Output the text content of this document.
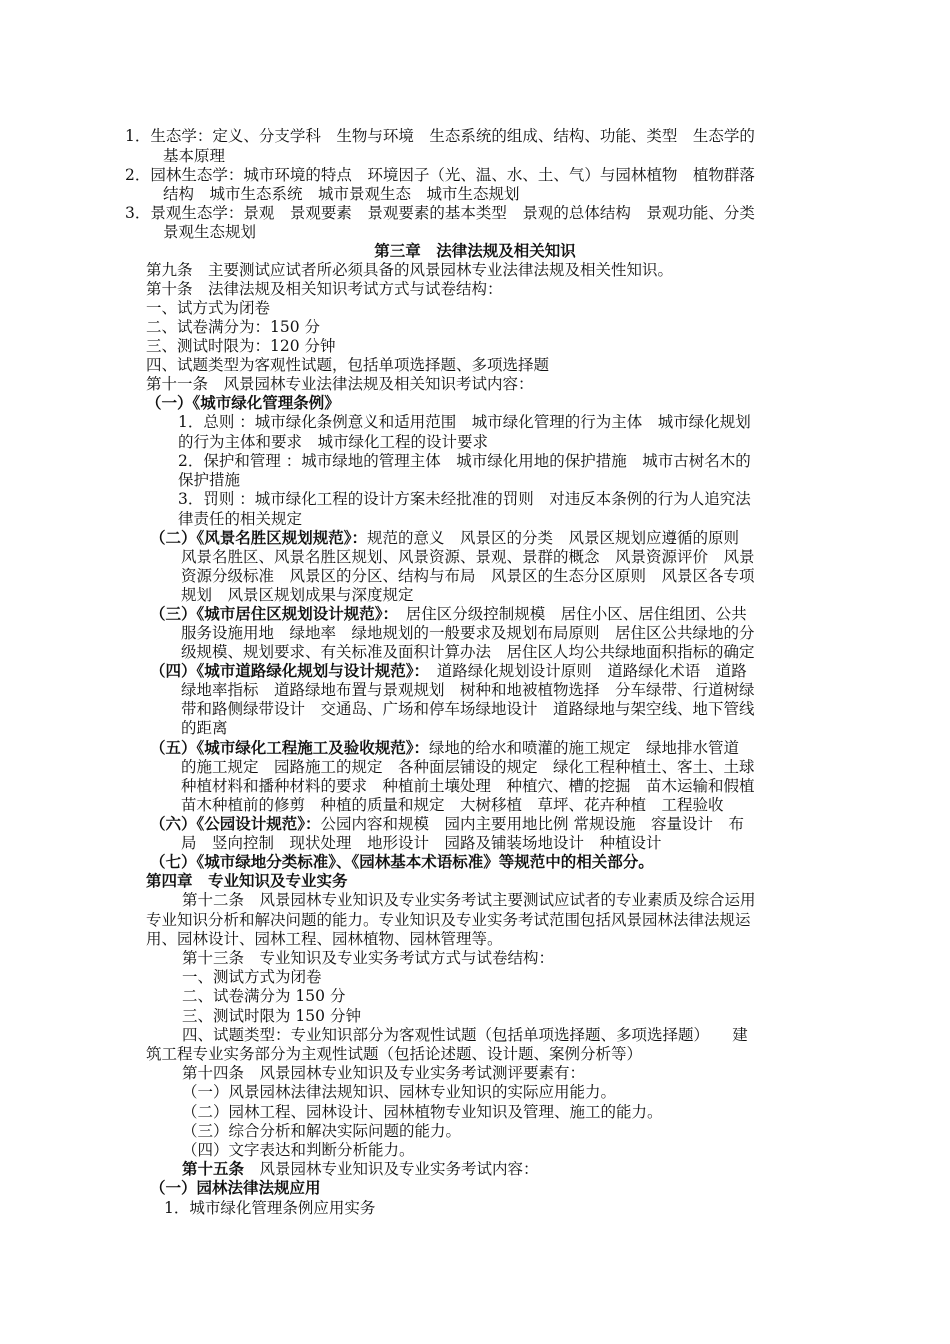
1．生态学：定义、分支学科　生物与环境　生态系统的组成、结构、功能、类型　生态学的
基本原理
2．园林生态学：城市环境的特点　环境因子（光、温、水、土、气）与园林植物　植物群落
结构　城市生态系统　城市景观生态　城市生态规划
3．景观生态学：景观　景观要素　景观要素的基本类型　景观的总体结构　景观功能、分类
景观生态规划
第三章　法律法规及相关知识
第九条　主要测试应试者所必须具备的风景园林专业法律法规及相关性知识。
第十条　法律法规及相关知识考试方式与试卷结构：
一、试方式为闭卷
二、试卷满分为：150 分
三、测试时限为：120 分钟
四、试题类型为客观性试题，包括单项选择题、多项选择题
第十一条　风景园林专业法律法规及相关知识考试内容：
（一）《城市绿化管理条例》
1．总则 ：城市绿化条例意义和适用范围　城市绿化管理的行为主体　城市绿化规划
的行为主体和要求　城市绿化工程的设计要求
2．保护和管理 ：城市绿地的管理主体　城市绿化用地的保护措施　城市古树名木的
保护措施
3．罚则 ：城市绿化工程的设计方案未经批准的罚则　对违反本条例的行为人追究法
律责任的相关规定
（二）《风景名胜区规划规范》：规范的意义　风景区的分类　风景区规划应遵循的原则
风景名胜区、风景名胜区规划、风景资源、景观、景群的概念　风景资源评价　风景
资源分级标准　风景区的分区、结构与布局　风景区的生态分区原则　风景区各专项
规划　风景区规划成果与深度规定
（三）《城市居住区规划设计规范》：　居住区分级控制规模　居住小区、居住组团、公共
服务设施用地　绿地率　绿地规划的一般要求及规划布局原则　居住区公共绿地的分
级规模、规划要求、有关标准及面积计算办法　居住区人均公共绿地面积指标的确定
（四）《城市道路绿化规划与设计规范》：　道路绿化规划设计原则　道路绿化术语　道路
绿地率指标　道路绿地布置与景观规划　树种和地被植物选择　分车绿带、行道树绿
带和路侧绿带设计　交通岛、广场和停车场绿地设计　道路绿地与架空线、地下管线
的距离
（五）《城市绿化工程施工及验收规范》：绿地的给水和喷灌的施工规定　绿地排水管道
的施工规定　园路施工的规定　各种面层铺设的规定　绿化工程种植土、客土、土球
种植材料和播种材料的要求　种植前土壤处理　种植穴、槽的挖掘　苗木运输和假植
苗木种植前的修剪　种植的质量和规定　大树移植　草坪、花卉种植　工程验收
（六）《公园设计规范》：公园内容和规模　园内主要用地比例 常规设施　容量设计　布
局　竖向控制　现状处理　地形设计　园路及铺装场地设计　种植设计
（七）《城市绿地分类标准》、《园林基本术语标准》等规范中的相关部分。
第四章　专业知识及专业实务
第十二条　风景园林专业知识及专业实务考试主要测试应试者的专业素质及综合运用
专业知识分析和解决问题的能力。专业知识及专业实务考试范围包括风景园林法律法规运
用、园林设计、园林工程、园林植物、园林管理等。
第十三条　专业知识及专业实务考试方式与试卷结构：
一、测试方式为闭卷
二、试卷满分为 150 分
三、测试时限为 150 分钟
四、试题类型：专业知识部分为客观性试题（包括单项选择题、多项选择题）　　建
筑工程专业实务部分为主观性试题（包括论述题、设计题、案例分析等）
第十四条　风景园林专业知识及专业实务考试测评要素有：
（一）风景园林法律法规知识、园林专业知识的实际应用能力。
（二）园林工程、园林设计、园林植物专业知识及管理、施工的能力。
（三）综合分析和解决实际问题的能力。
（四）文字表达和判断分析能力。
第十五条　风景园林专业知识及专业实务考试内容：
（一）园林法律法规应用
1．城市绿化管理条例应用实务
